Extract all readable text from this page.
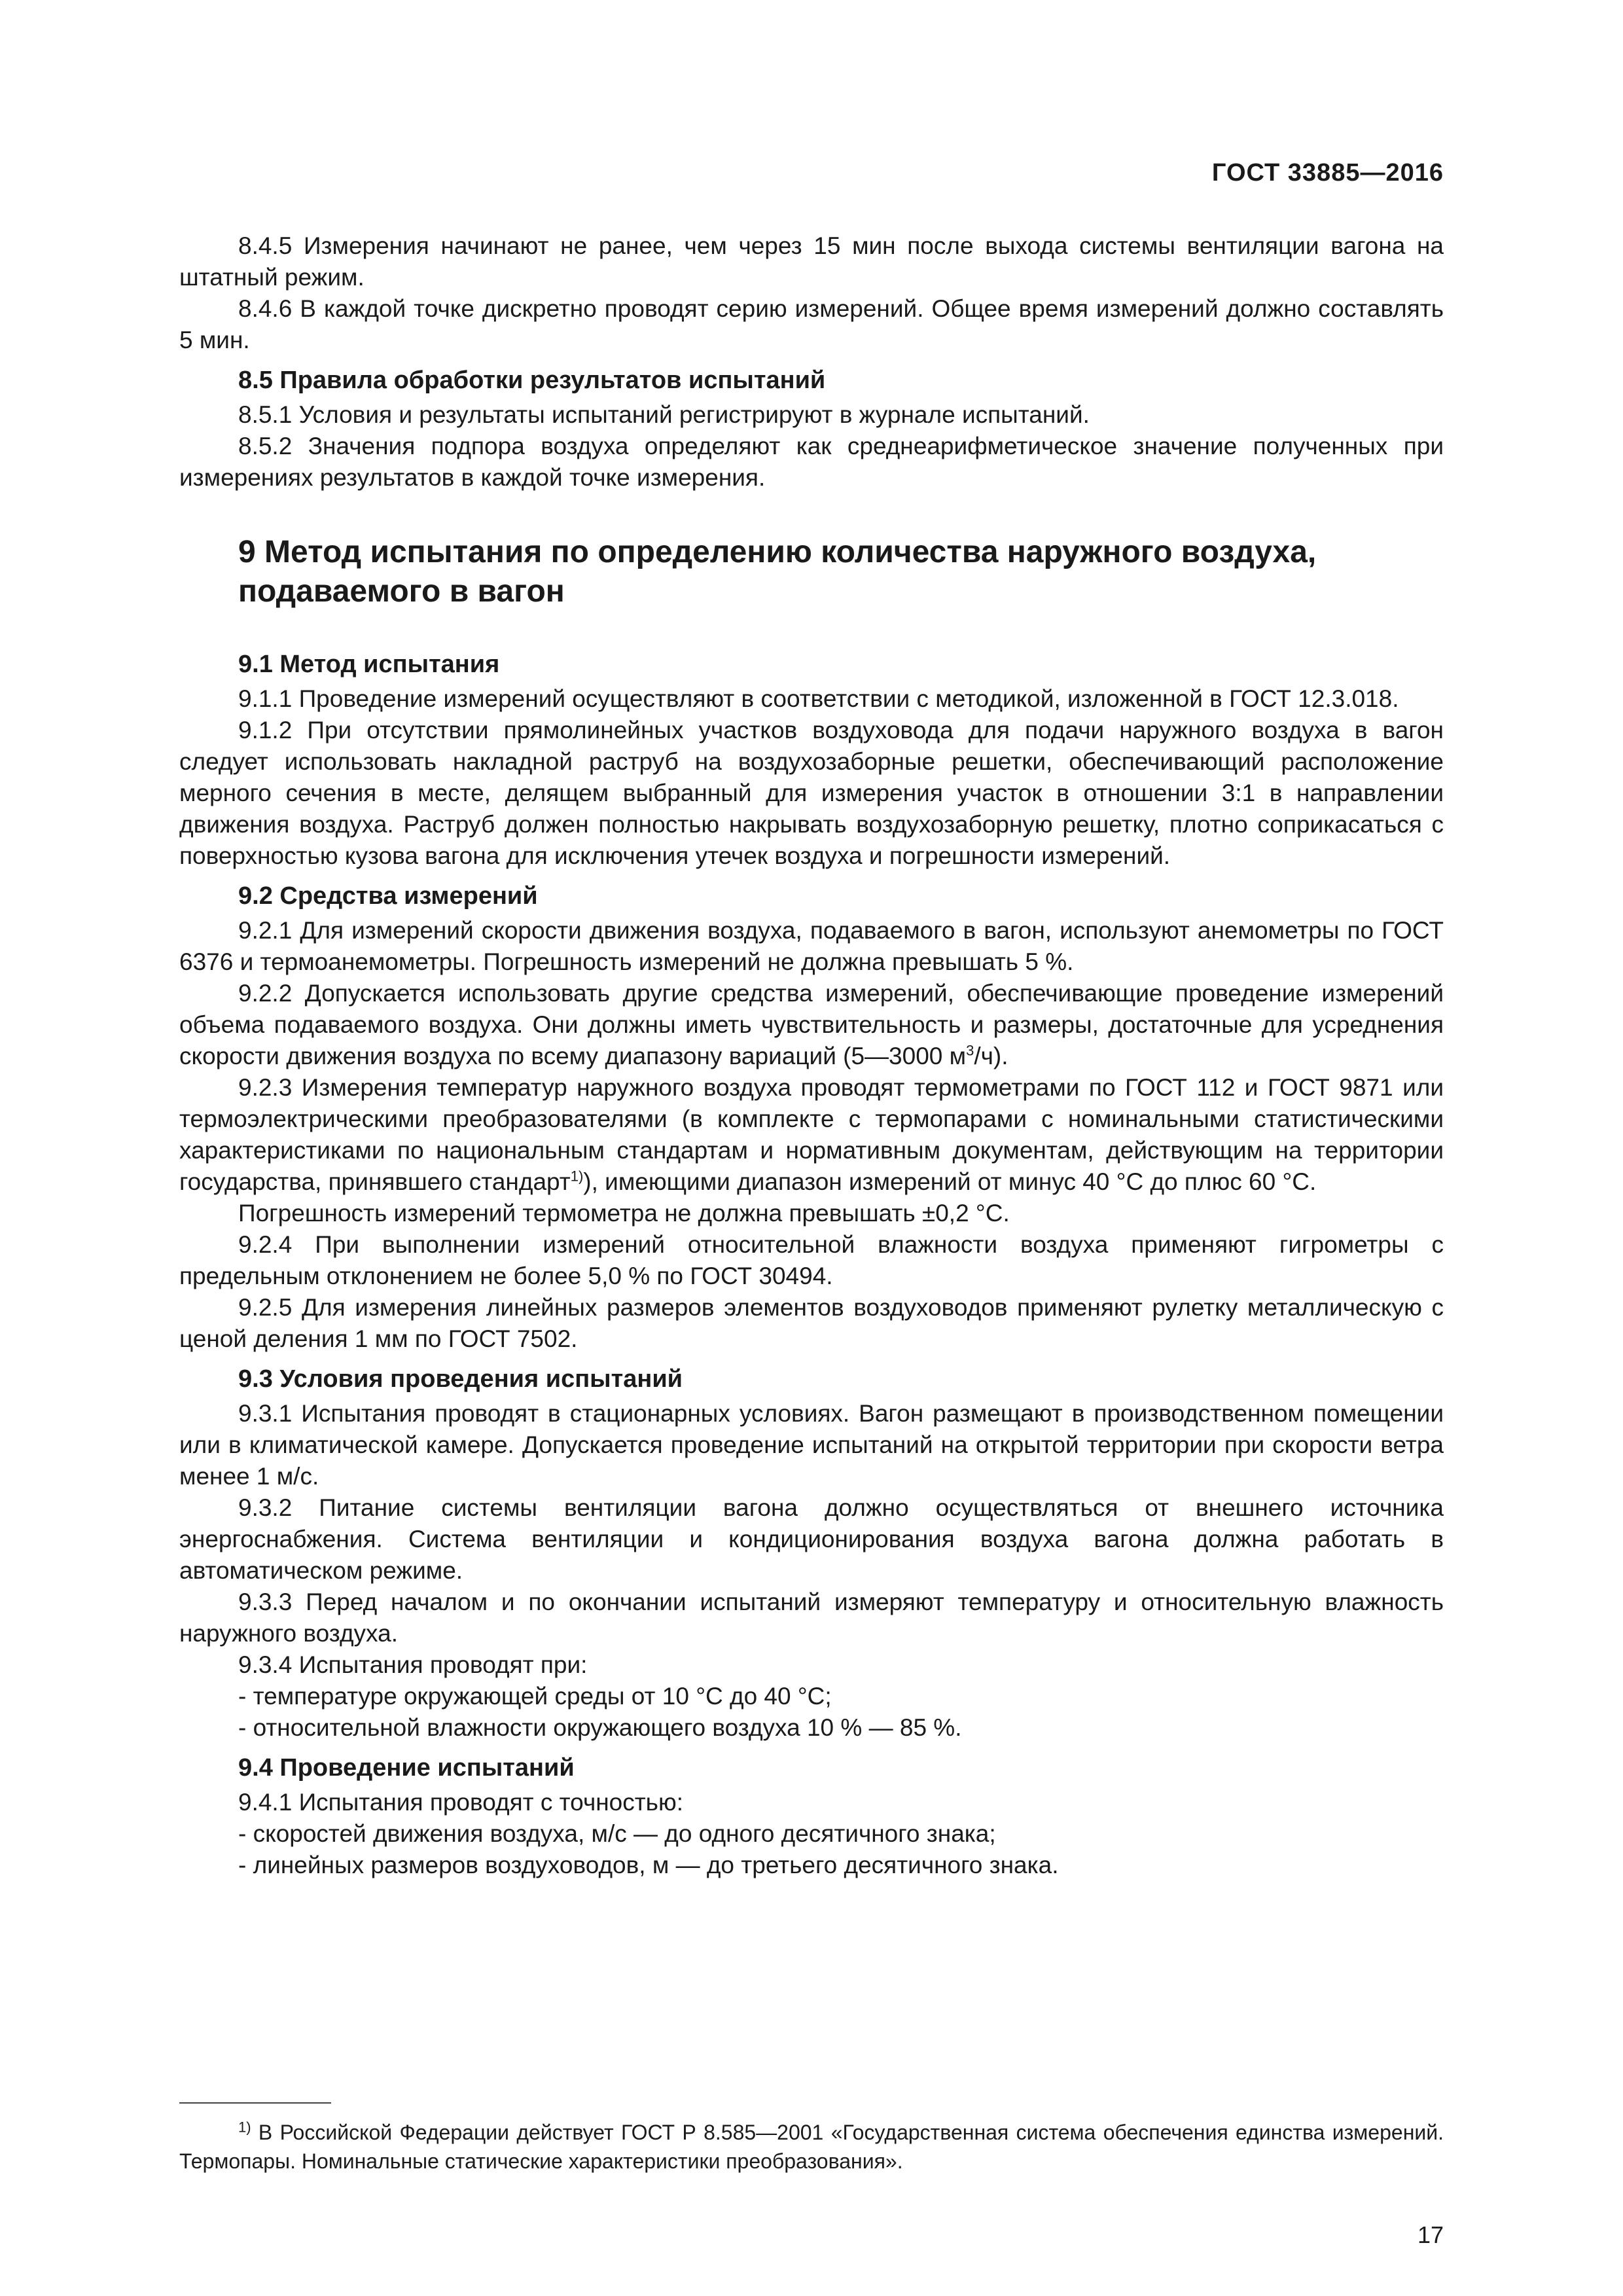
ГОСТ 33885—2016

8.4.5 Измерения начинают не ранее, чем через 15 мин после выхода системы вентиляции вагона на штатный режим.

8.4.6 В каждой точке дискретно проводят серию измерений. Общее время измерений должно составлять 5 мин.

8.5 Правила обработки результатов испытаний

8.5.1 Условия и результаты испытаний регистрируют в журнале испытаний.

8.5.2 Значения подпора воздуха определяют как среднеарифметическое значение полученных при измерениях результатов в каждой точке измерения.

9 Метод испытания по определению количества наружного воздуха, подаваемого в вагон
9.1 Метод испытания

9.1.1 Проведение измерений осуществляют в соответствии с методикой, изложенной в ГОСТ 12.3.018.

9.1.2 При отсутствии прямолинейных участков воздуховода для подачи наружного воздуха в вагон следует использовать накладной раструб на воздухозаборные решетки, обеспечивающий расположение мерного сечения в месте, делящем выбранный для измерения участок в отношении 3:1 в направлении движения воздуха. Раструб должен полностью накрывать воздухозаборную решетку, плотно соприкасаться с поверхностью кузова вагона для исключения утечек воздуха и погрешности измерений.

9.2 Средства измерений

9.2.1 Для измерений скорости движения воздуха, подаваемого в вагон, используют анемометры по ГОСТ 6376 и термоанемометры. Погрешность измерений не должна превышать 5 %.

9.2.2 Допускается использовать другие средства измерений, обеспечивающие проведение измерений объема подаваемого воздуха. Они должны иметь чувствительность и размеры, достаточные для усреднения скорости движения воздуха по всему диапазону вариаций (5—3000 $м^3/ч$).

9.2.3 Измерения температур наружного воздуха проводят термометрами по ГОСТ 112 и ГОСТ 9871 или термоэлектрическими преобразователями (в комплекте с термопарами с номинальными статистическими характеристиками по национальным стандартам и нормативным документам, действующим на территории государства, принявшего стандарт$^{1)}$), имеющими диапазон измерений от минус 40 °С до плюс 60 °С.

Погрешность измерений термометра не должна превышать ±0,2 °С.

9.2.4 При выполнении измерений относительной влажности воздуха применяют гигрометры с предельным отклонением не более 5,0 % по ГОСТ 30494.

9.2.5 Для измерения линейных размеров элементов воздуховодов применяют рулетку металлическую с ценой деления 1 мм по ГОСТ 7502.

9.3 Условия проведения испытаний

9.3.1 Испытания проводят в стационарных условиях. Вагон размещают в производственном помещении или в климатической камере. Допускается проведение испытаний на открытой территории при скорости ветра менее 1 м/с.

9.3.2 Питание системы вентиляции вагона должно осуществляться от внешнего источника энергоснабжения. Система вентиляции и кондиционирования воздуха вагона должна работать в автоматическом режиме.

9.3.3 Перед началом и по окончании испытаний измеряют температуру и относительную влажность наружного воздуха.

9.3.4 Испытания проводят при:

- температуре окружающей среды от 10 °С до 40 °С;

- относительной влажности окружающего воздуха 10 % — 85 %.

9.4 Проведение испытаний

9.4.1 Испытания проводят с точностью:

- скоростей движения воздуха, м/с — до одного десятичного знака;

- линейных размеров воздуховодов, м — до третьего десятичного знака.

$^{1)}$ В Российской Федерации действует ГОСТ Р 8.585—2001 «Государственная система обеспечения единства измерений. Термопары. Номинальные статические характеристики преобразования».

17
